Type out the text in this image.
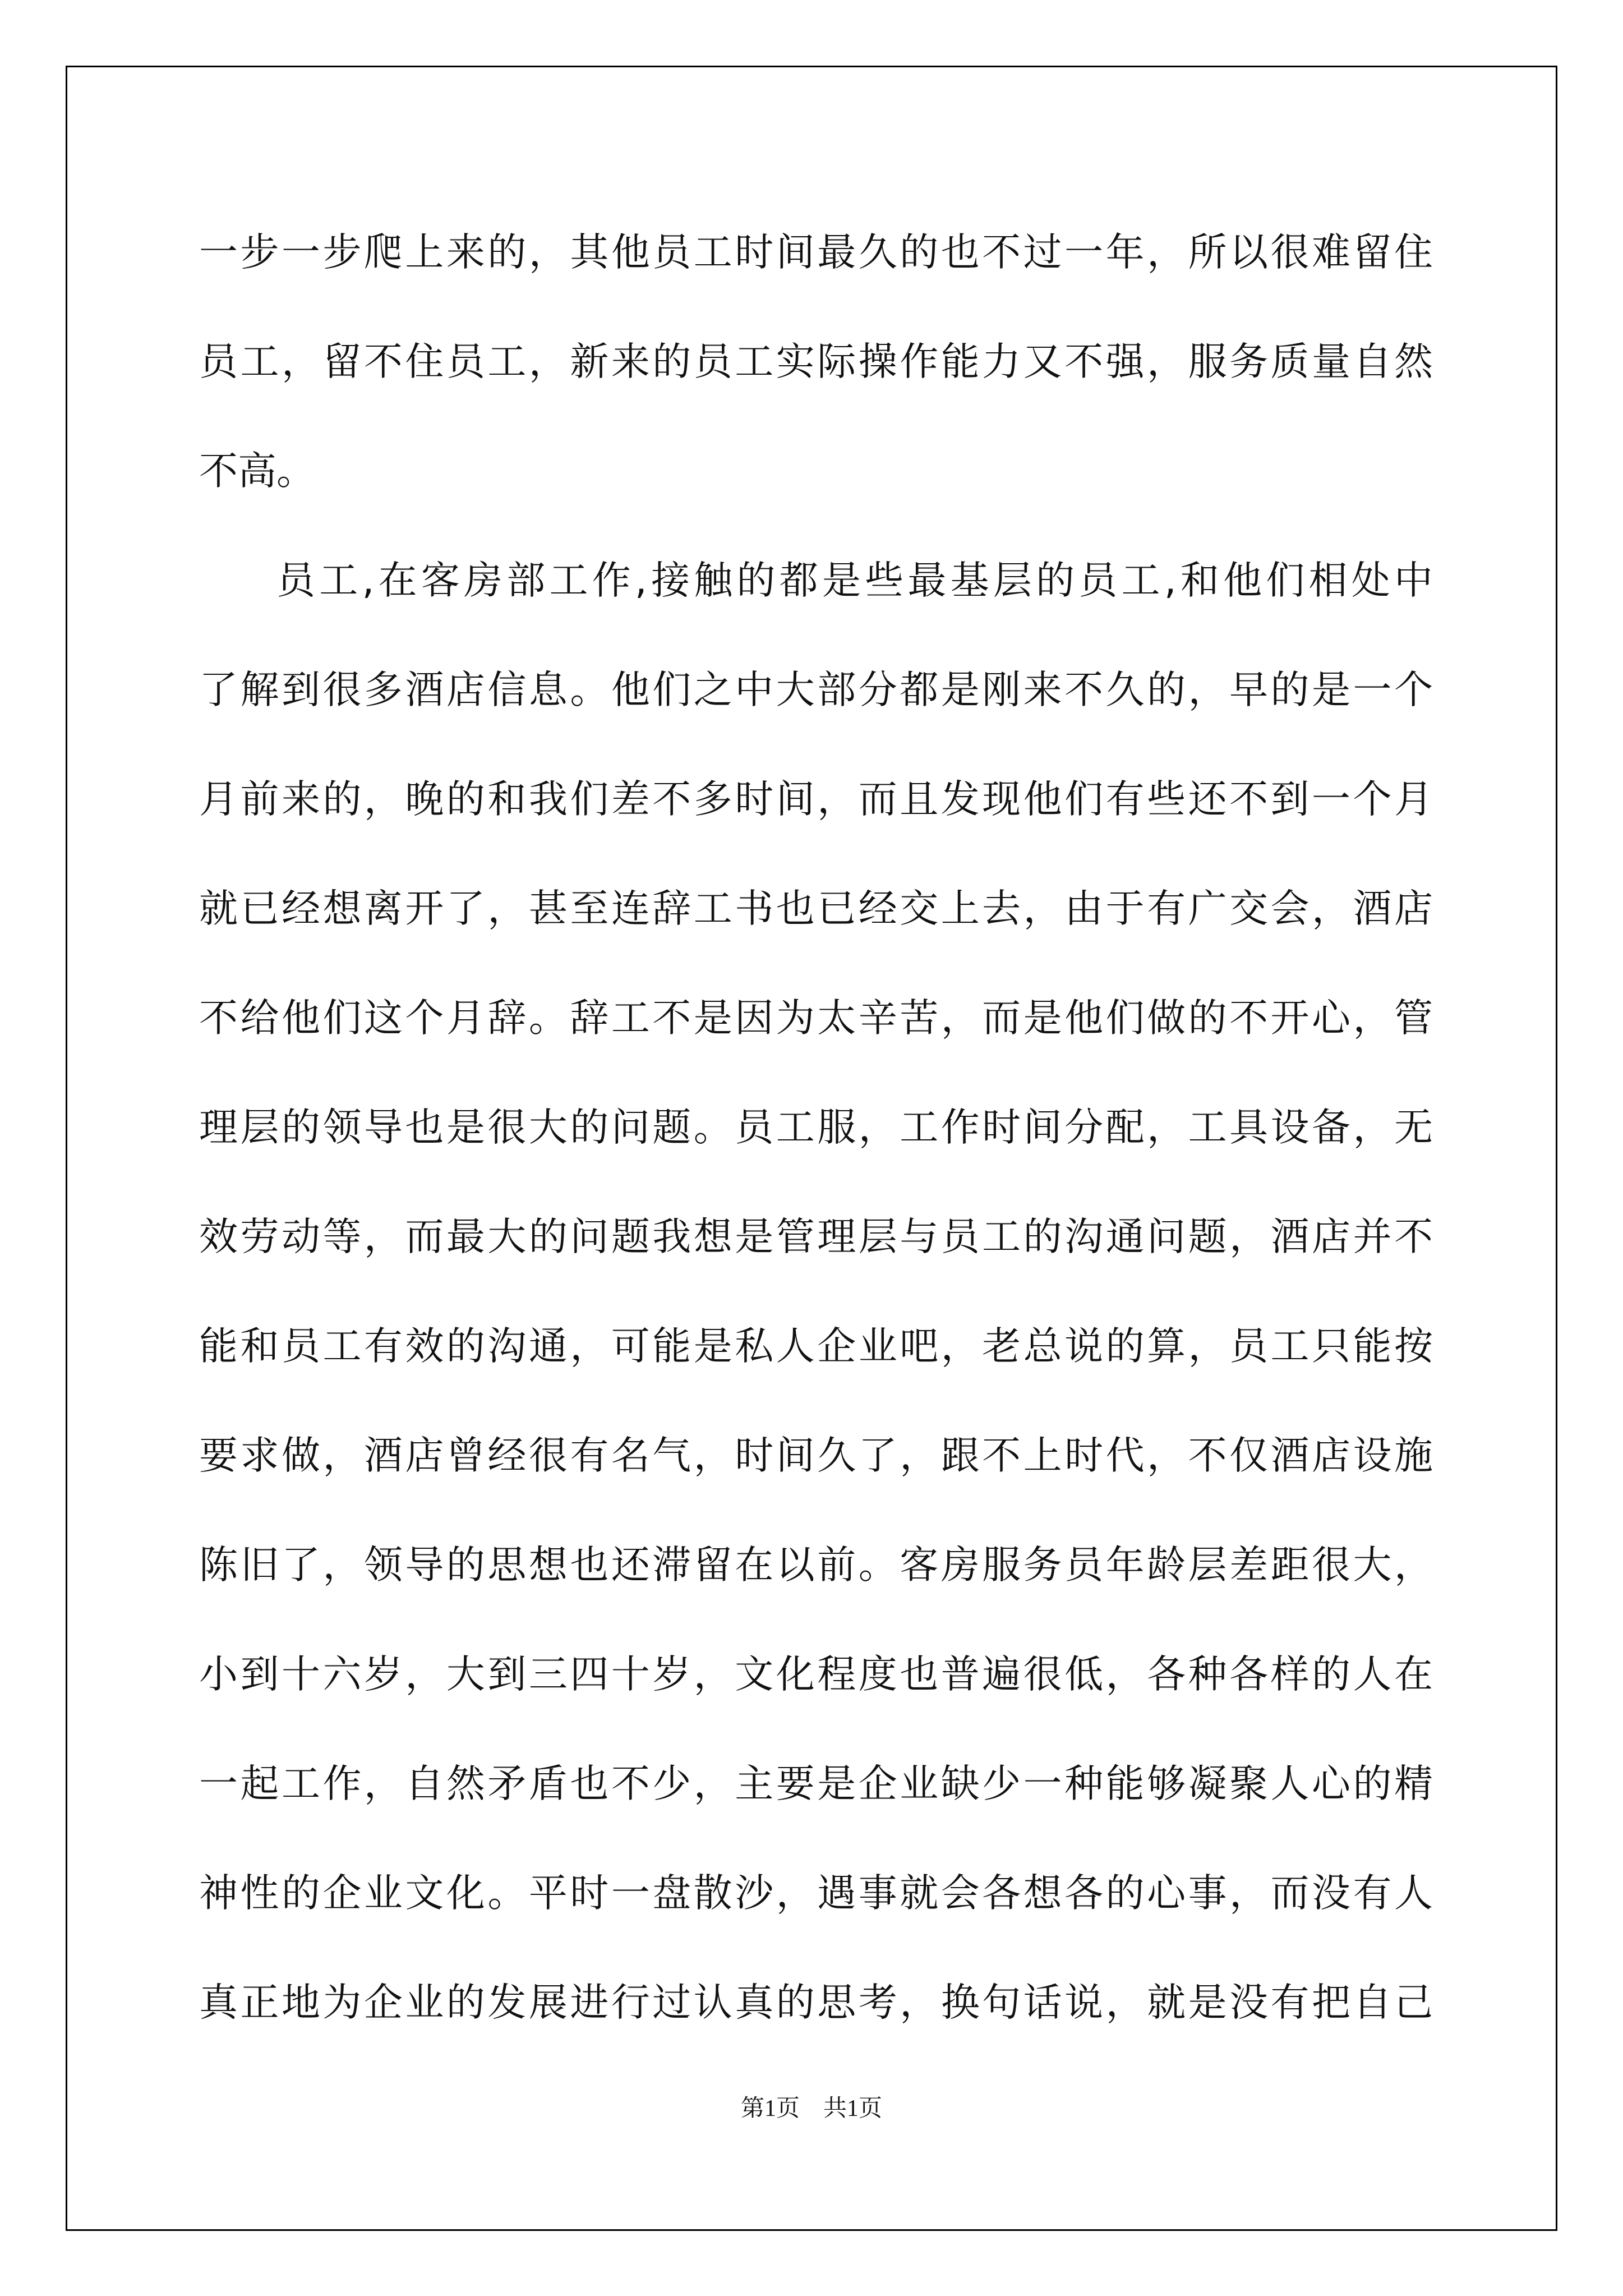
一步一步爬上来的，其他员工时间最久的也不过一年，所以很难留住
员工，留不住员工，新来的员工实际操作能力又不强，服务质量自然
不高。
员工,在客房部工作,接触的都是些最基层的员工,和他们相处中
了解到很多酒店信息。他们之中大部分都是刚来不久的，早的是一个
月前来的，晚的和我们差不多时间，而且发现他们有些还不到一个月
就已经想离开了，甚至连辞工书也已经交上去，由于有广交会，酒店
不给他们这个月辞。辞工不是因为太辛苦，而是他们做的不开心，管
理层的领导也是很大的问题。员工服，工作时间分配，工具设备，无
效劳动等，而最大的问题我想是管理层与员工的沟通问题，酒店并不
能和员工有效的沟通，可能是私人企业吧，老总说的算，员工只能按
要求做，酒店曾经很有名气，时间久了，跟不上时代，不仅酒店设施
陈旧了，领导的思想也还滞留在以前。客房服务员年龄层差距很大，
小到十六岁，大到三四十岁，文化程度也普遍很低，各种各样的人在
一起工作，自然矛盾也不少，主要是企业缺少一种能够凝聚人心的精
神性的企业文化。平时一盘散沙，遇事就会各想各的心事，而没有人
真正地为企业的发展进行过认真的思考，换句话说，就是没有把自己
第1页　共1页
